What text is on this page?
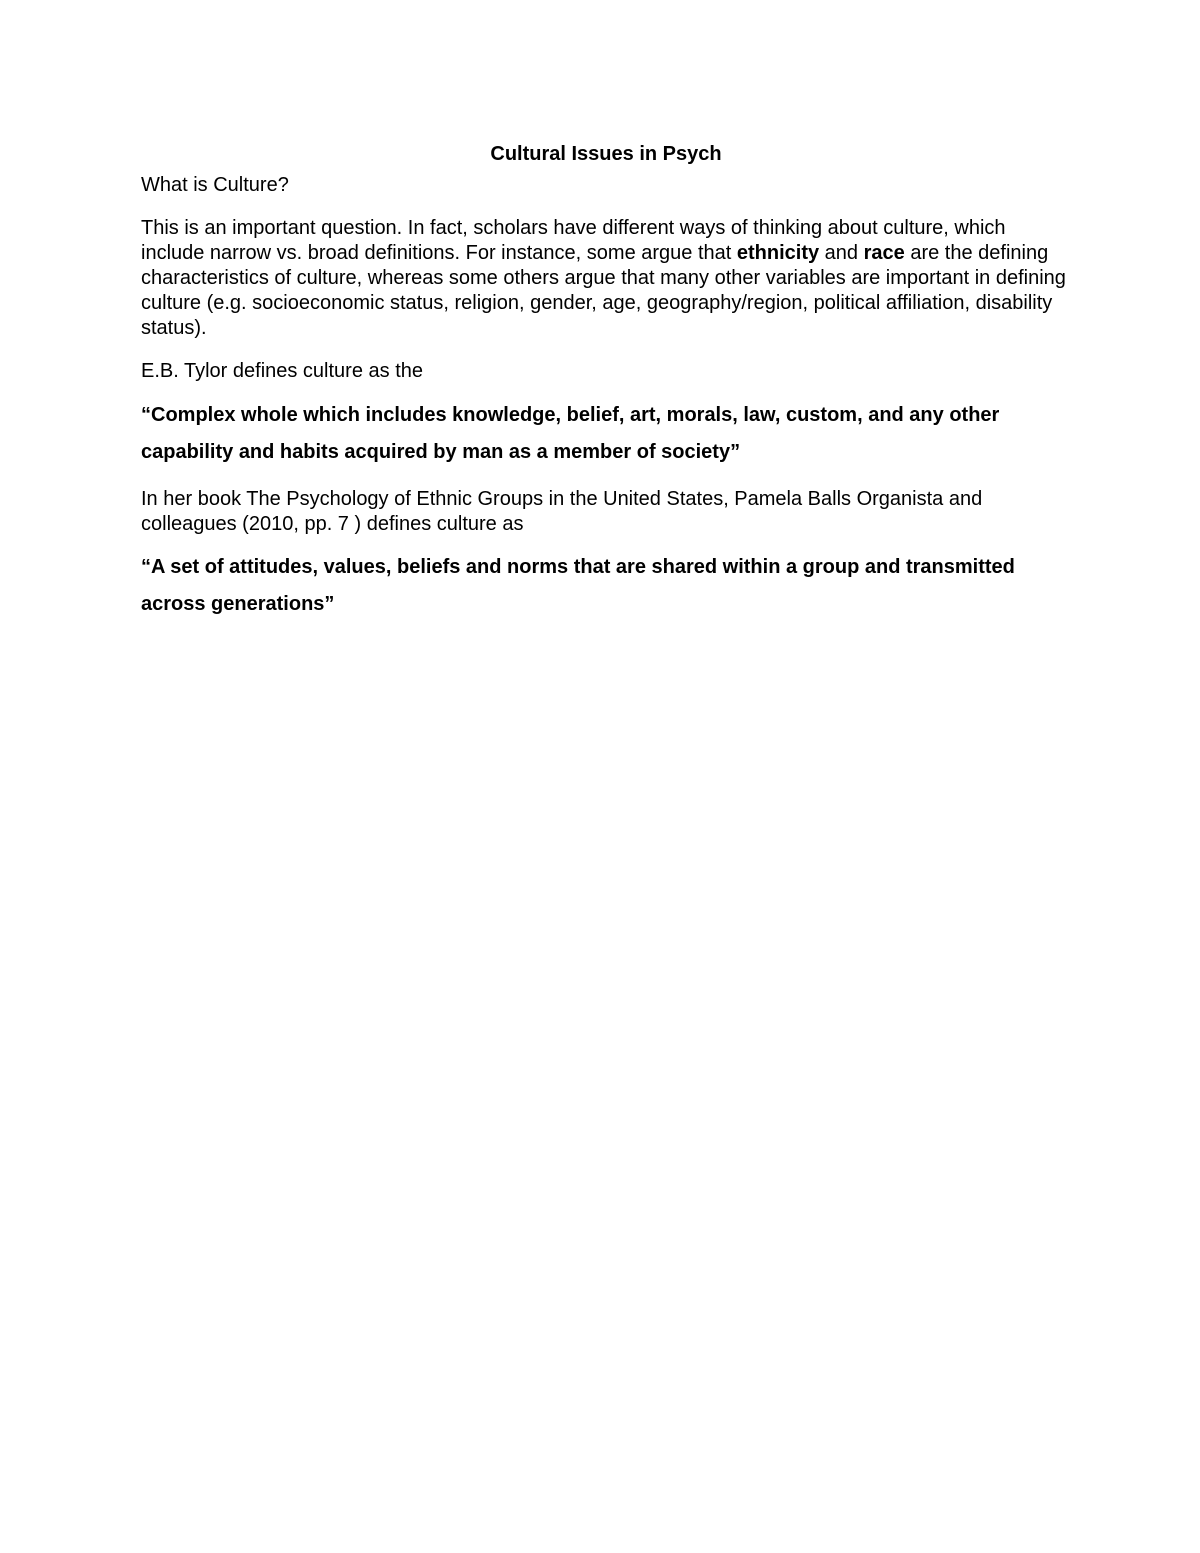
Cultural Issues in Psych

What is Culture?

This is an important question. In fact, scholars have different ways of thinking about culture, which include narrow vs. broad definitions. For instance, some argue that ethnicity and race are the defining characteristics of culture, whereas some others argue that many other variables are important in defining culture (e.g. socioeconomic status, religion, gender, age, geography/region, political affiliation, disability status).

E.B. Tylor defines culture as the

“Complex whole which includes knowledge, belief, art, morals, law, custom, and any other capability and habits acquired by man as a member of society”

In her book The Psychology of Ethnic Groups in the United States, Pamela Balls Organista and colleagues (2010, pp. 7 ) defines culture as

“A set of attitudes, values, beliefs and norms that are shared within a group and transmitted across generations”
